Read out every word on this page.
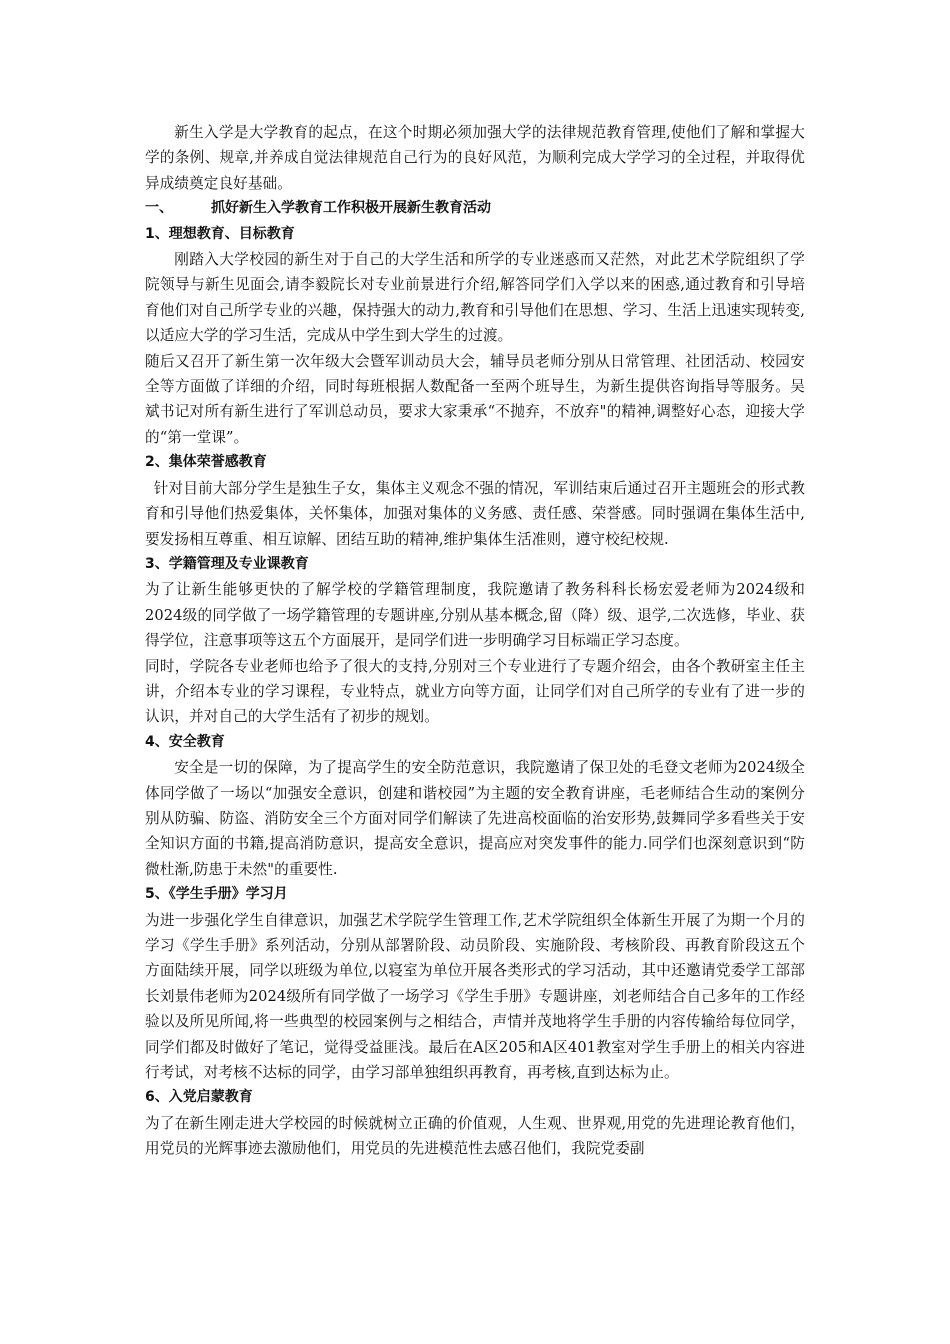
新生入学是大学教育的起点，在这个时期必须加强大学的法律规范教育管理,使他们了解和掌握大学的条例、规章,并养成自觉法律规范自己行为的良好风范，为顺利完成大学学习的全过程，并取得优异成绩奠定良好基础。

一、	抓好新生入学教育工作积极开展新生教育活动
1、理想教育、目标教育

刚踏入大学校园的新生对于自己的大学生活和所学的专业迷惑而又茫然，对此艺术学院组织了学院领导与新生见面会,请李毅院长对专业前景进行介绍,解答同学们入学以来的困惑,通过教育和引导培育他们对自己所学专业的兴趣，保持强大的动力,教育和引导他们在思想、学习、生活上迅速实现转变,以适应大学的学习生活，完成从中学生到大学生的过渡。

随后又召开了新生第一次年级大会暨军训动员大会，辅导员老师分别从日常管理、社团活动、校园安全等方面做了详细的介绍，同时每班根据人数配备一至两个班导生，为新生提供咨询指导等服务。吴斌书记对所有新生进行了军训总动员，要求大家秉承“不抛弃，不放弃"的精神,调整好心态，迎接大学的“第一堂课”。

2、集体荣誉感教育

针对目前大部分学生是独生子女，集体主义观念不强的情况，军训结束后通过召开主题班会的形式教育和引导他们热爱集体，关怀集体，加强对集体的义务感、责任感、荣誉感。同时强调在集体生活中,要发扬相互尊重、相互谅解、团结互助的精神,维护集体生活准则，遵守校纪校规.

3、学籍管理及专业课教育

为了让新生能够更快的了解学校的学籍管理制度，我院邀请了教务科科长杨宏爱老师为2024级和2024级的同学做了一场学籍管理的专题讲座,分别从基本概念,留（降）级、退学,二次选修，毕业、获得学位，注意事项等这五个方面展开，是同学们进一步明确学习目标端正学习态度。

同时，学院各专业老师也给予了很大的支持,分别对三个专业进行了专题介绍会，由各个教研室主任主讲，介绍本专业的学习课程，专业特点，就业方向等方面，让同学们对自己所学的专业有了进一步的认识，并对自己的大学生活有了初步的规划。

4、安全教育

安全是一切的保障，为了提高学生的安全防范意识，我院邀请了保卫处的毛登文老师为2024级全体同学做了一场以“加强安全意识，创建和谐校园”为主题的安全教育讲座，毛老师结合生动的案例分别从防骗、防盗、消防安全三个方面对同学们解读了先进高校面临的治安形势,鼓舞同学多看些关于安全知识方面的书籍,提高消防意识，提高安全意识，提高应对突发事件的能力.同学们也深刻意识到“防微杜渐,防患于未然"的重要性.

5、《学生手册》学习月

为进一步强化学生自律意识，加强艺术学院学生管理工作,艺术学院组织全体新生开展了为期一个月的学习《学生手册》系列活动，分别从部署阶段、动员阶段、实施阶段、考核阶段、再教育阶段这五个方面陆续开展，同学以班级为单位,以寝室为单位开展各类形式的学习活动，其中还邀请党委学工部部长刘景伟老师为2024级所有同学做了一场学习《学生手册》专题讲座，刘老师结合自己多年的工作经验以及所见所闻,将一些典型的校园案例与之相结合，声情并茂地将学生手册的内容传输给每位同学，同学们都及时做好了笔记，觉得受益匪浅。最后在A区205和A区401教室对学生手册上的相关内容进行考试，对考核不达标的同学，由学习部单独组织再教育，再考核,直到达标为止。

6、入党启蒙教育

为了在新生刚走进大学校园的时候就树立正确的价值观，人生观、世界观,用党的先进理论教育他们，用党员的光辉事迹去激励他们，用党员的先进模范性去感召他们，我院党委副
